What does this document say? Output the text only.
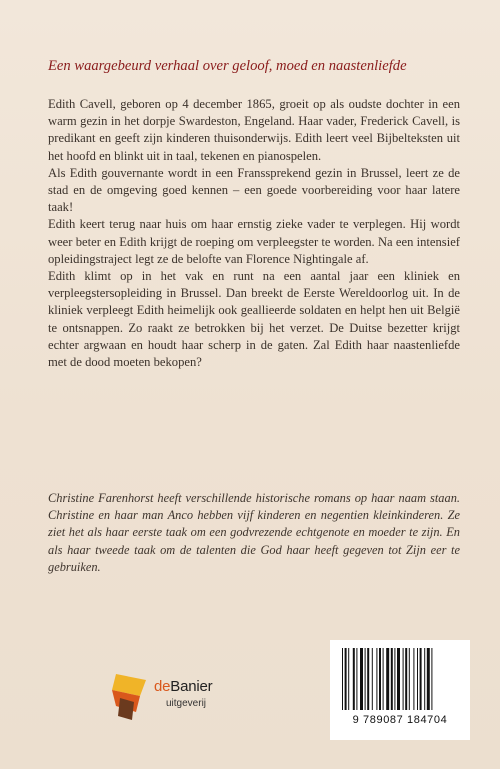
Een waargebeurd verhaal over geloof, moed en naastenliefde

Edith Cavell, geboren op 4 december 1865, groeit op als oudste dochter in een warm gezin in het dorpje Swardeston, Engeland. Haar vader, Frederick Cavell, is predikant en geeft zijn kinderen thuisonderwijs. Edith leert veel Bijbelteksten uit het hoofd en blinkt uit in taal, tekenen en pianospelen.

Als Edith gouvernante wordt in een Franssprekend gezin in Brussel, leert ze de stad en de omgeving goed kennen – een goede voorbereiding voor haar latere taak!

Edith keert terug naar huis om haar ernstig zieke vader te verplegen. Hij wordt weer beter en Edith krijgt de roeping om verpleegster te worden. Na een intensief opleidingstraject legt ze de belofte van Florence Nightingale af.

Edith klimt op in het vak en runt na een aantal jaar een kliniek en verpleegstersopleiding in Brussel. Dan breekt de Eerste Wereldoorlog uit. In de kliniek verpleegt Edith heimelijk ook geallieerde soldaten en helpt hen uit België te ontsnappen. Zo raakt ze betrokken bij het verzet. De Duitse bezetter krijgt echter argwaan en houdt haar scherp in de gaten. Zal Edith haar naastenliefde met de dood moeten bekopen?

Christine Farenhorst heeft verschillende historische romans op haar naam staan. Christine en haar man Anco hebben vijf kinderen en negentien kleinkinderen. Ze ziet het als haar eerste taak om een godvrezende echtgenote en moeder te zijn. En als haar tweede taak om de talenten die God haar heeft gegeven tot Zijn eer te gebruiken.

deBanier
uitgeverij
9 789087 184704
